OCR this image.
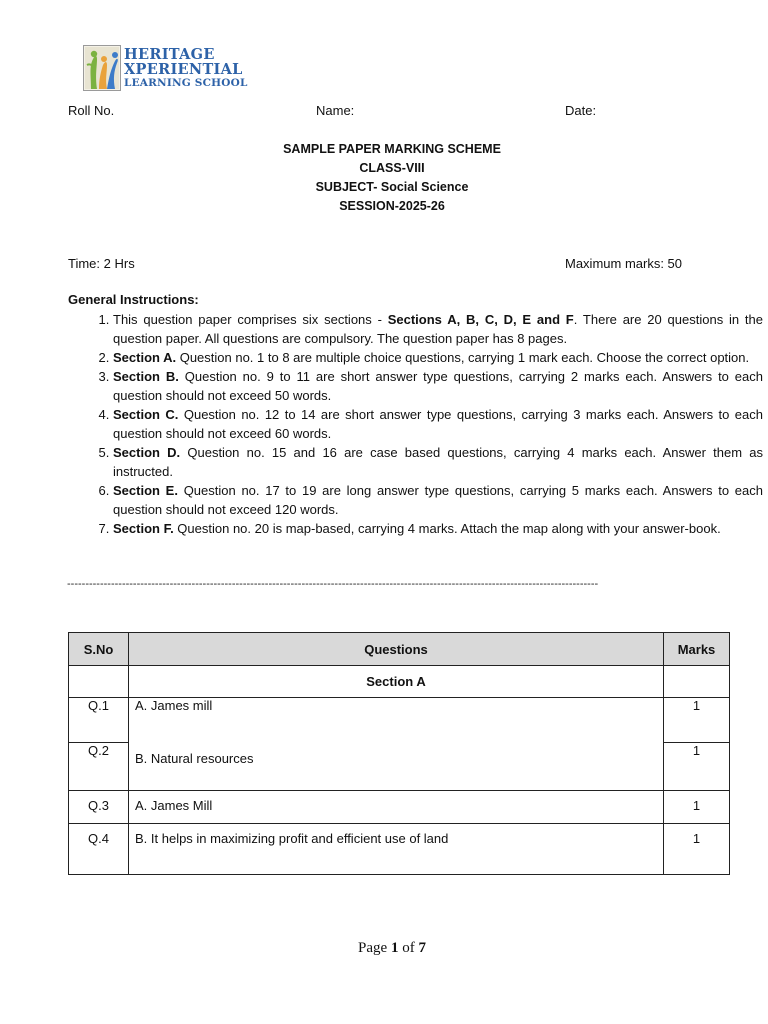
HERITAGE
XPERIENTIAL
LEARNING SCHOOL
Roll No.	Name:	Date:
SAMPLE PAPER MARKING SCHEME
CLASS-VIII
SUBJECT- Social Science
SESSION-2025-26
Time: 2 Hrs	Maximum marks: 50
General Instructions:
1. This question paper comprises six sections - Sections A, B, C, D, E and F. There are 20 questions in the question paper. All questions are compulsory. The question paper has 8 pages.
2. Section A. Question no. 1 to 8 are multiple choice questions, carrying 1 mark each. Choose the correct option.
3. Section B. Question no. 9 to 11 are short answer type questions, carrying 2 marks each. Answers to each question should not exceed 50 words.
4. Section C. Question no. 12 to 14 are short answer type questions, carrying 3 marks each. Answers to each question should not exceed 60 words.
5. Section D. Question no. 15 and 16 are case based questions, carrying 4 marks each. Answer them as instructed.
6. Section E. Question no. 17 to 19 are long answer type questions, carrying 5 marks each. Answers to each question should not exceed 120 words.
7. Section F. Question no. 20 is map-based, carrying 4 marks. Attach the map along with your answer-book.
-------------------------------------------------------------------------------------------------------------------------------------------------
S.No	Questions	Marks
	Section A	
Q.1	A. James mill	1
Q.2	B. Natural resources	1
Q.3	A. James Mill	1
Q.4	B. It helps in maximizing profit and efficient use of land	1
Page 1 of 7
